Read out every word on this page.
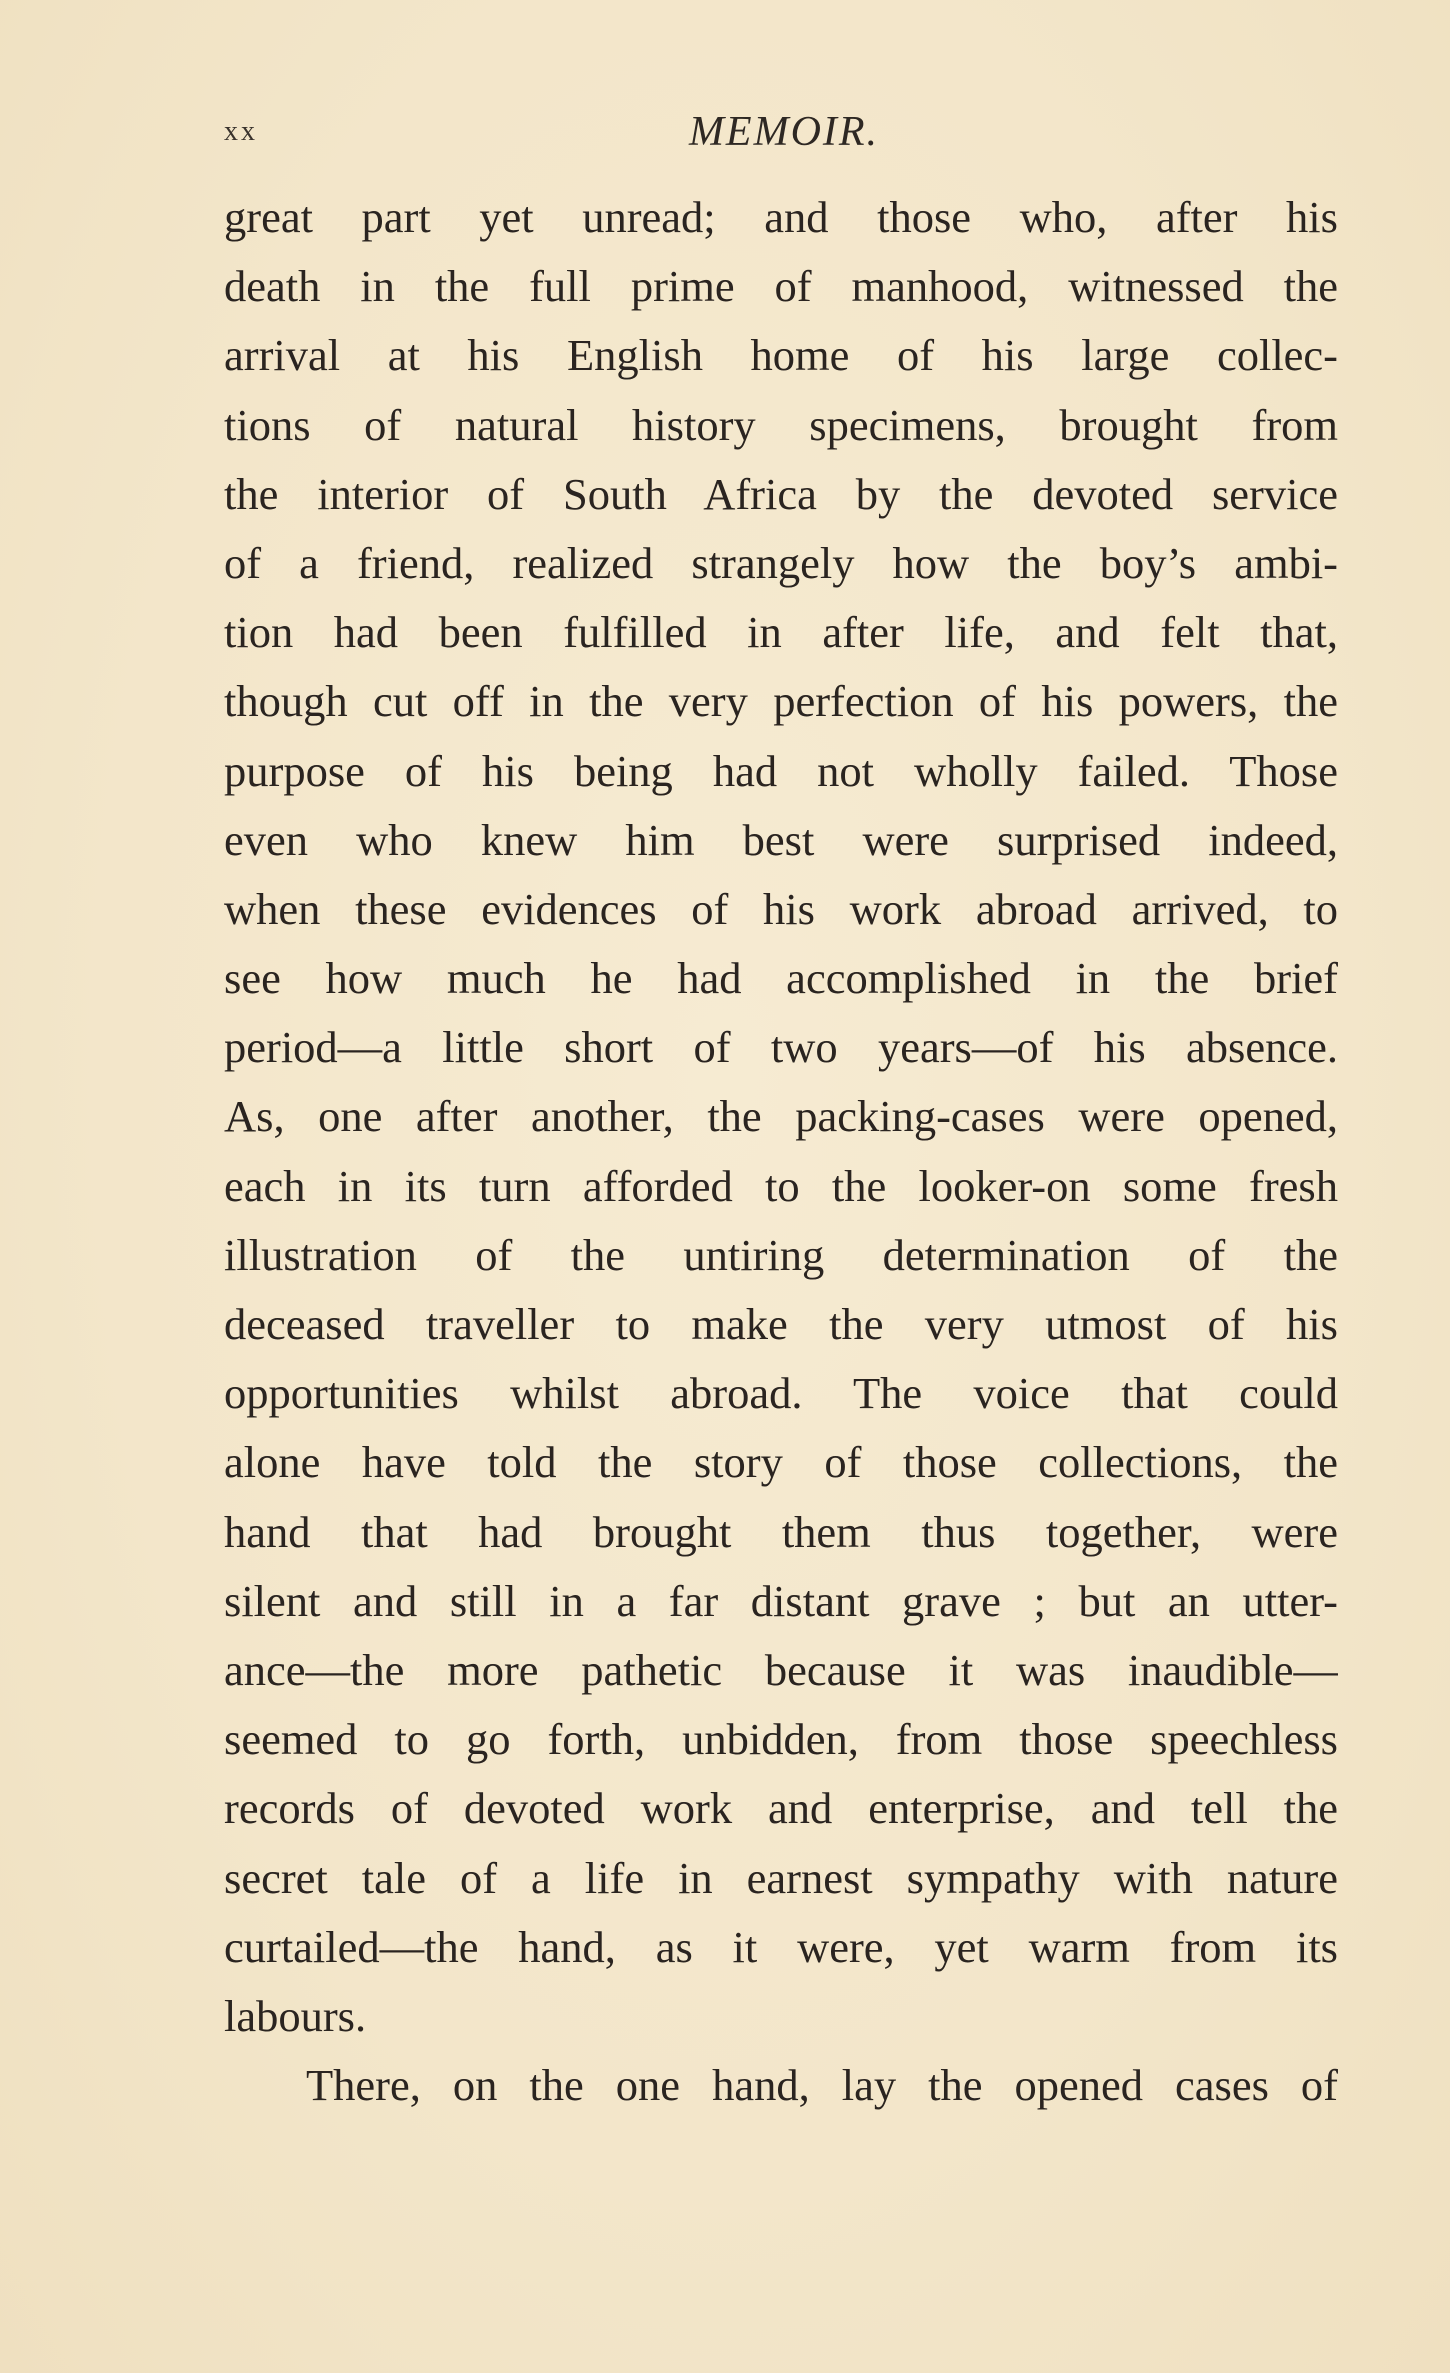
xx	MEMOIR.
great part yet unread; and those who, after his
death in the full prime of manhood, witnessed the
arrival at his English home of his large collec-
tions of natural history specimens, brought from
the interior of South Africa by the devoted service
of a friend, realized strangely how the boy’s ambi-
tion had been fulfilled in after life, and felt that,
though cut off in the very perfection of his powers, the
purpose of his being had not wholly failed. Those
even who knew him best were surprised indeed,
when these evidences of his work abroad arrived, to
see how much he had accomplished in the brief
period—a little short of two years—of his absence.
As, one after another, the packing-cases were opened,
each in its turn afforded to the looker-on some fresh
illustration of the untiring determination of the
deceased traveller to make the very utmost of his
opportunities whilst abroad. The voice that could
alone have told the story of those collections, the
hand that had brought them thus together, were
silent and still in a far distant grave ; but an utter-
ance—the more pathetic because it was inaudible—
seemed to go forth, unbidden, from those speechless
records of devoted work and enterprise, and tell the
secret tale of a life in earnest sympathy with nature
curtailed—the hand, as it were, yet warm from its
labours.
There, on the one hand, lay the opened cases of
